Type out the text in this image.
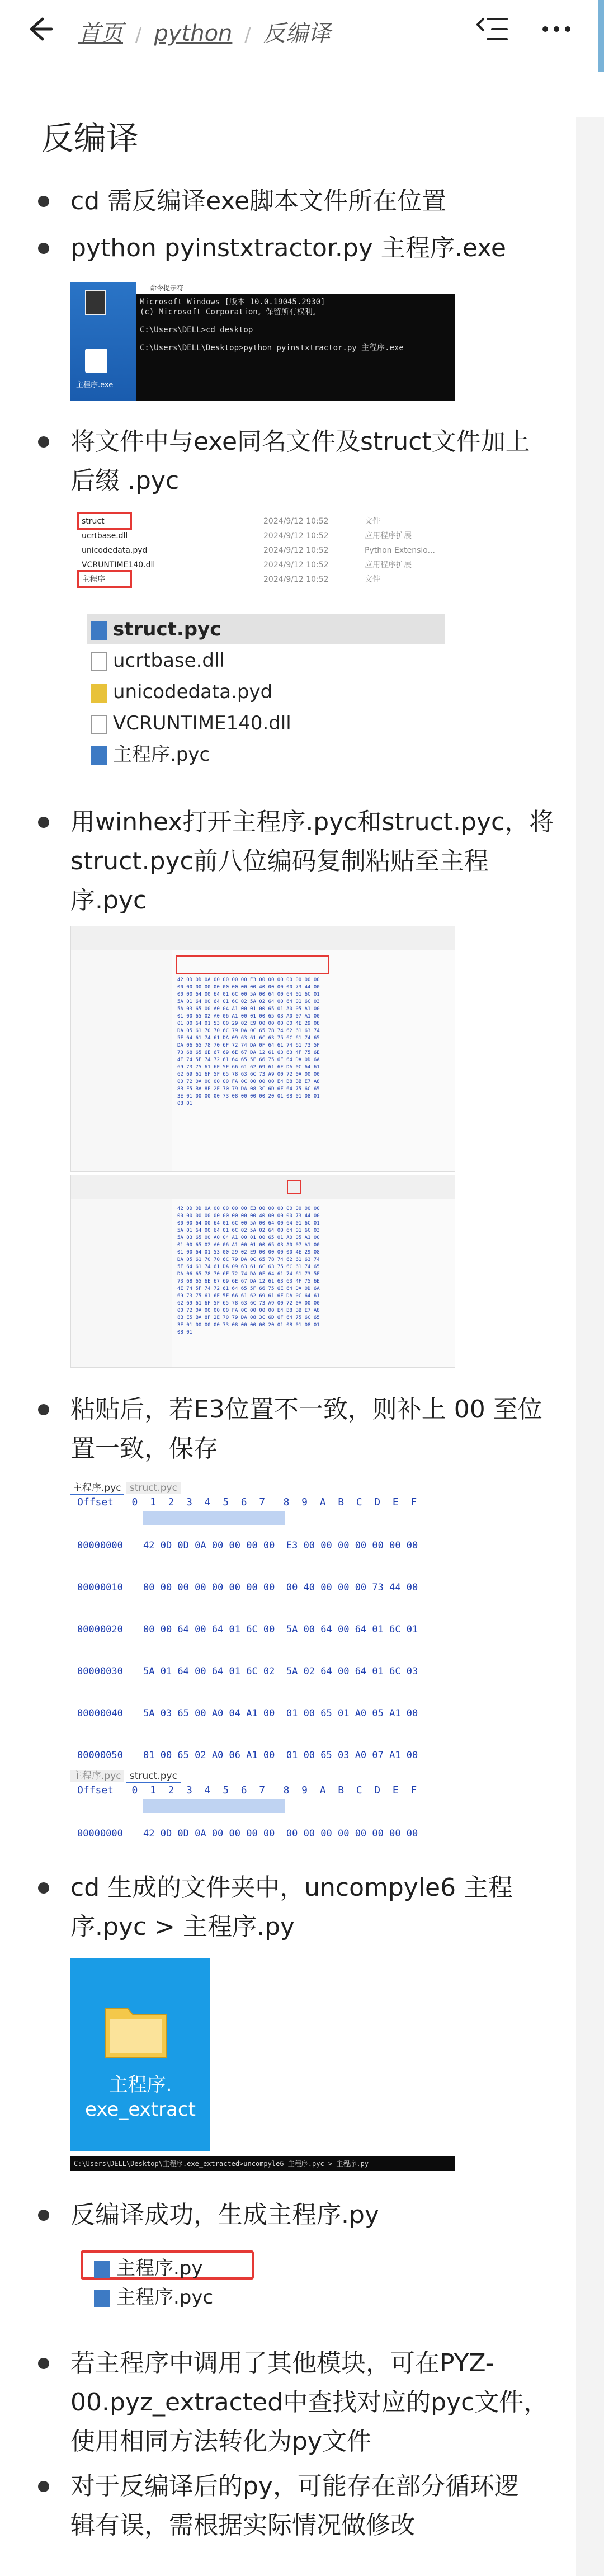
首页 / python / 反编译
反编译
cd 需反编译exe脚本文件所在位置
python pyinstxtractor.py 主程序.exe
主程序.exe
命令提示符
Microsoft Windows [版本 10.0.19045.2930]
(c) Microsoft Corporation。保留所有权利。
C:\Users\DELL>cd desktop
C:\Users\DELL\Desktop>python pyinstxtractor.py 主程序.exe
将文件中与exe同名文件及struct文件加上
后缀 .pyc
struct
ucrtbase.dll
unicodedata.pyd
VCRUNTIME140.dll
主程序
2024/9/12 10:52
2024/9/12 10:52
2024/9/12 10:52
2024/9/12 10:52
2024/9/12 10:52
文件
应用程序扩展
Python Extensio...
应用程序扩展
文件
struct.pyc
ucrtbase.dll
unicodedata.pyd
VCRUNTIME140.dll
主程序.pyc
用winhex打开主程序.pyc和struct.pyc，将
struct.pyc前八位编码复制粘贴至主程
序.pyc
42 0D 0D 0A 00 00 00 00 E3 00 00 00 00 00 00 00
00 00 00 00 00 00 00 00 00 40 00 00 00 73 44 00
00 00 64 00 64 01 6C 00 5A 00 64 00 64 01 6C 01
5A 01 64 00 64 01 6C 02 5A 02 64 00 64 01 6C 03
5A 03 65 00 A0 04 A1 00 01 00 65 01 A0 05 A1 00
01 00 65 02 A0 06 A1 00 01 00 65 03 A0 07 A1 00
01 00 64 01 53 00 29 02 E9 00 00 00 00 4E 29 08
DA 05 61 70 70 6C 79 DA 0C 65 78 74 62 61 63 74
5F 64 61 74 61 DA 09 63 61 6C 63 75 6C 61 74 65
DA 06 65 78 70 6F 72 74 DA 0F 64 61 74 61 73 5F
73 68 65 6E 67 69 6E 67 DA 12 61 63 63 4F 75 6E
4E 74 5F 74 72 61 64 65 5F 66 75 6E 64 DA 0D 6A
69 73 75 61 6E 5F 66 61 62 69 61 6F DA 0C 64 61
62 69 61 6F 5F 65 78 63 6C 73 A9 00 72 0A 00 00
00 72 0A 00 00 00 FA 0C 00 00 00 E4 B8 BB E7 A8
8B E5 BA 8F 2E 70 79 DA 08 3C 6D 6F 64 75 6C 65
3E 01 00 00 00 73 08 00 00 00 20 01 08 01 08 01
08 01
42 0D 0D 0A 00 00 00 00 E3 00 00 00 00 00 00 00
00 00 00 00 00 00 00 00 00 40 00 00 00 73 44 00
00 00 64 00 64 01 6C 00 5A 00 64 00 64 01 6C 01
5A 01 64 00 64 01 6C 02 5A 02 64 00 64 01 6C 03
5A 03 65 00 A0 04 A1 00 01 00 65 01 A0 05 A1 00
01 00 65 02 A0 06 A1 00 01 00 65 03 A0 07 A1 00
01 00 64 01 53 00 29 02 E9 00 00 00 00 4E 29 08
DA 05 61 70 70 6C 79 DA 0C 65 78 74 62 61 63 74
5F 64 61 74 61 DA 09 63 61 6C 63 75 6C 61 74 65
DA 06 65 78 70 6F 72 74 DA 0F 64 61 74 61 73 5F
73 68 65 6E 67 69 6E 67 DA 12 61 63 63 4F 75 6E
4E 74 5F 74 72 61 64 65 5F 66 75 6E 64 DA 0D 6A
69 73 75 61 6E 5F 66 61 62 69 61 6F DA 0C 64 61
62 69 61 6F 5F 65 78 63 6C 73 A9 00 72 0A 00 00
00 72 0A 00 00 00 FA 0C 00 00 00 E4 B8 BB E7 A8
8B E5 BA 8F 2E 70 79 DA 08 3C 6D 6F 64 75 6C 65
3E 01 00 00 00 73 08 00 00 00 20 01 08 01 08 01
08 01
粘贴后，若E3位置不一致，则补上 00 至位
置一致，保存
主程序.pyc struct.pyc
Offset 0 1 2 3 4 5 6 7 8 9 A B C D E F

00000000

00000010

00000020

00000030

00000040

00000050

42 0D 0D 0A 00 00 00 00  E3 00 00 00 00 00 00 00

00 00 00 00 00 00 00 00  00 40 00 00 00 73 44 00

00 00 64 00 64 01 6C 00  5A 00 64 00 64 01 6C 01

5A 01 64 00 64 01 6C 02  5A 02 64 00 64 01 6C 03

5A 03 65 00 A0 04 A1 00  01 00 65 01 A0 05 A1 00

01 00 65 02 A0 06 A1 00  01 00 65 03 A0 07 A1 00

主程序.pyc struct.pyc
Offset 0 1 2 3 4 5 6 7 8 9 A B C D E F

00000000

42 0D 0D 0A 00 00 00 00  00 00 00 00 00 00 00 00

cd 生成的文件夹中，uncompyle6 主程
序.pyc > 主程序.py
主程序.
exe_extract
C:\Users\DELL\Desktop\主程序.exe_extracted>uncompyle6 主程序.pyc > 主程序.py
反编译成功，生成主程序.py
主程序.py
主程序.pyc
若主程序中调用了其他模块，可在PYZ-
00.pyz_extracted中查找对应的pyc文件，
使用相同方法转化为py文件
对于反编译后的py，可能存在部分循环逻
辑有误，需根据实际情况做修改
